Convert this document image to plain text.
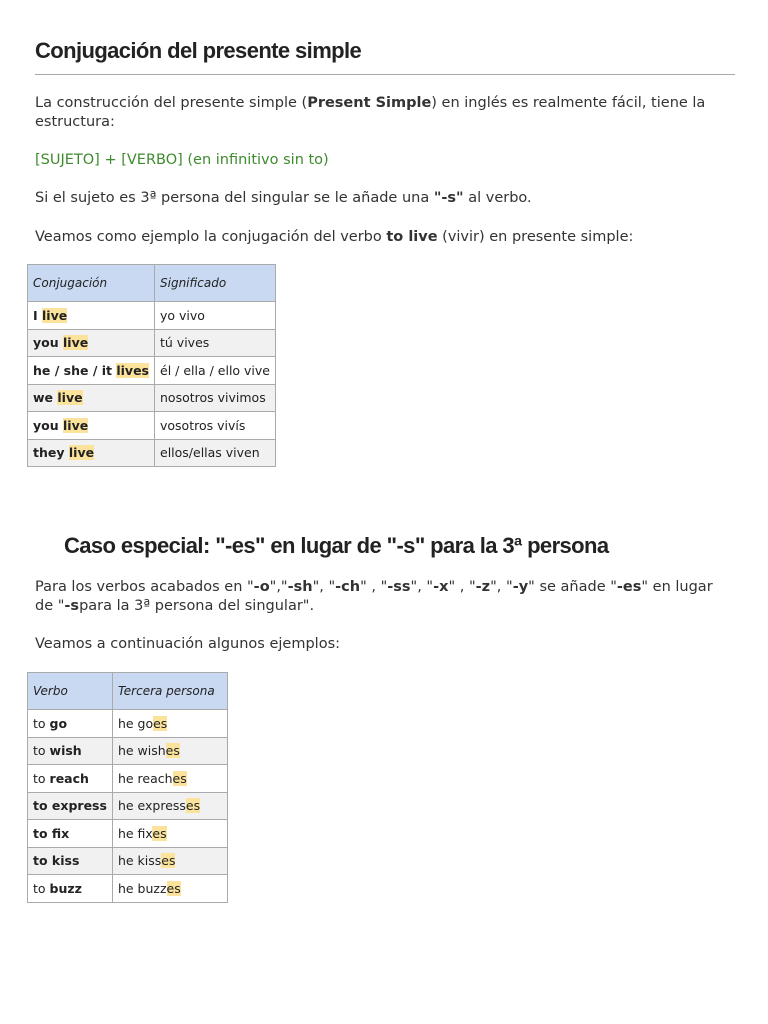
Conjugación del presente simple

La construcción del presente simple (Present Simple) en inglés es realmente fácil, tiene la estructura:

[SUJETO] + [VERBO] (en infinitivo sin to)

Si el sujeto es 3ª persona del singular se le añade una "-s" al verbo.

Veamos como ejemplo la conjugación del verbo to live (vivir) en presente simple:

Conjugación	Significado
I live	yo vivo
you live	tú vives
he / she / it lives	él / ella / ello vive
we live	nosotros vivimos
you live	vosotros vivís
they live	ellos/ellas viven
Caso especial: "-es" en lugar de "-s" para la 3ª persona

Para los verbos acabados en "-o","-sh", "-ch" , "-ss", "-x" , "-z", "-y" se añade "-es" en lugar de "-spara la 3ª persona del singular".

Veamos a continuación algunos ejemplos:

Verbo	Tercera persona
to go	he goes
to wish	he wishes
to reach	he reaches
to express	he expresses
to fix	he fixes
to kiss	he kisses
to buzz	he buzzes
